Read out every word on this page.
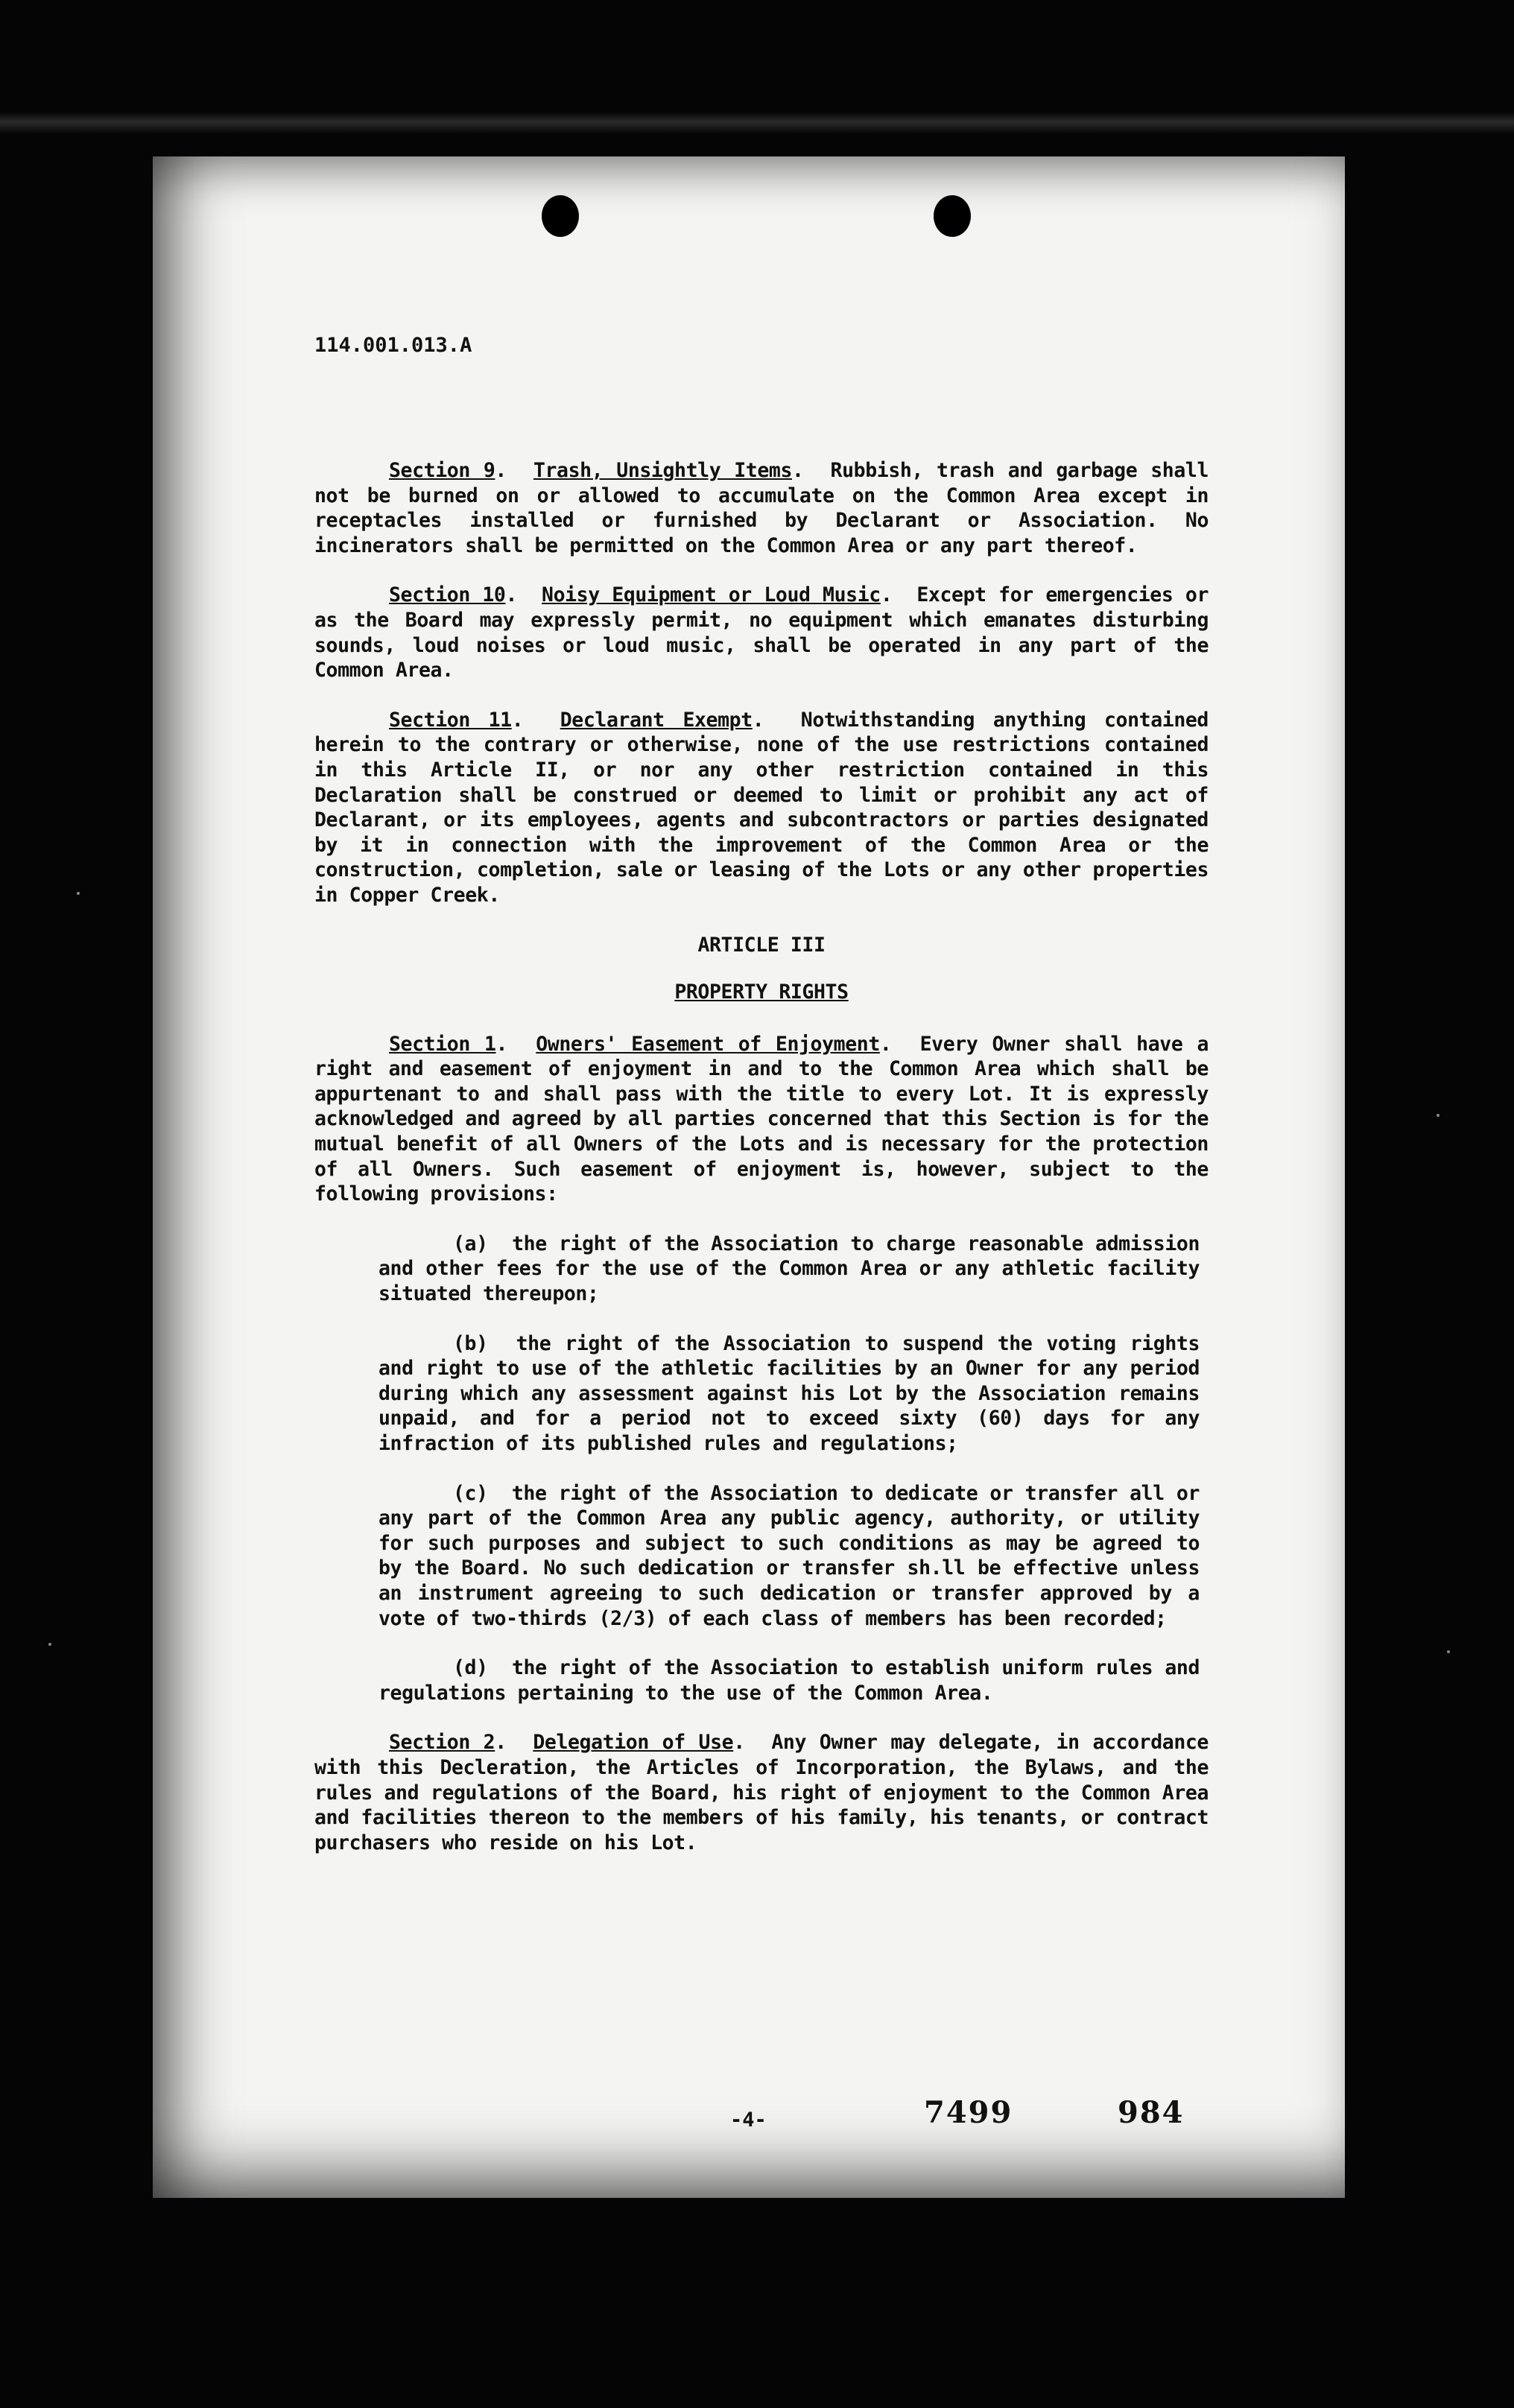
114.001.013.A

Section 9.  Trash, Unsightly Items.  Rubbish, trash and garbage shall not be burned on or allowed to accumulate on the Common Area except in receptacles installed or furnished by Declarant or Association. No incinerators shall be permitted on the Common Area or any part thereof.

Section 10.  Noisy Equipment or Loud Music.  Except for emergencies or as the Board may expressly permit, no equipment which emanates disturbing sounds, loud noises or loud music, shall be operated in any part of the Common Area.

Section 11.  Declarant Exempt.  Notwithstanding anything contained herein to the contrary or otherwise, none of the use restrictions contained in this Article II, or nor any other restriction contained in this Declaration shall be construed or deemed to limit or prohibit any act of Declarant, or its employees, agents and subcontractors or parties designated by it in connection with the improvement of the Common Area or the construction, completion, sale or leasing of the Lots or any other properties in Copper Creek.

ARTICLE III

PROPERTY RIGHTS

Section 1.  Owners' Easement of Enjoyment.  Every Owner shall have a right and easement of enjoyment in and to the Common Area which shall be appurtenant to and shall pass with the title to every Lot. It is expressly acknowledged and agreed by all parties concerned that this Section is for the mutual benefit of all Owners of the Lots and is necessary for the protection of all Owners. Such easement of enjoyment is, however, subject to the following provisions:

(a) the right of the Association to charge reasonable admission and other fees for the use of the Common Area or any athletic facility situated thereupon;

(b) the right of the Association to suspend the voting rights and right to use of the athletic facilities by an Owner for any period during which any assessment against his Lot by the Association remains unpaid, and for a period not to exceed sixty (60) days for any infraction of its published rules and regulations;

(c) the right of the Association to dedicate or transfer all or any part of the Common Area any public agency, authority, or utility for such purposes and subject to such conditions as may be agreed to by the Board. No such dedication or transfer sh.ll be effective unless an instrument agreeing to such dedication or transfer approved by a vote of two-thirds (2/3) of each class of members has been recorded;

(d) the right of the Association to establish uniform rules and regulations pertaining to the use of the Common Area.

Section 2.  Delegation of Use.  Any Owner may delegate, in accordance with this Decleration, the Articles of Incorporation, the Bylaws, and the rules and regulations of the Board, his right of enjoyment to the Common Area and facilities thereon to the members of his family, his tenants, or contract purchasers who reside on his Lot.

-4-	7499	984
